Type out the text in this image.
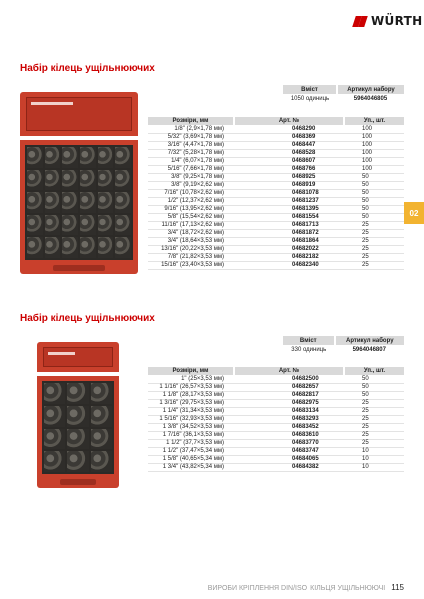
WÜRTH
Набір кілець ущільнюючих
Вміст	Артикул набору
1050 одиниць	5964046805
Розміри, мм	Арт. №	Уп., шт.
1/8" (2,9×1,78 мм)	0468290	100
5/32" (3,69×1,78 мм)	0468369	100
3/16" (4,47×1,78 мм)	0468447	100
7/32" (5,28×1,78 мм)	0468528	100
1/4" (6,07×1,78 мм)	0468607	100
5/16" (7,66×1,78 мм)	0468766	100
3/8" (9,25×1,78 мм)	0468925	50
3/8" (9,19×2,62 мм)	0468919	50
7/16" (10,78×2,62 мм)	04681078	50
1/2" (12,37×2,62 мм)	04681237	50
9/16" (13,95×2,62 мм)	04681395	50
5/8" (15,54×2,62 мм)	04681554	50
11/16" (17,13×2,62 мм)	04681713	25
3/4" (18,72×2,62 мм)	04681872	25
3/4" (18,64×3,53 мм)	04681864	25
13/16" (20,22×3,53 мм)	04682022	25
7/8" (21,82×3,53 мм)	04682182	25
15/16" (23,40×3,53 мм)	04682340	25
Набір кілець ущільнюючих
Вміст	Артикул набору
330 одиниць	5964046807
Розміри, мм	Арт. №	Уп., шт.
1" (25×3,53 мм)	04682500	50
1 1/16" (26,57×3,53 мм)	04682657	50
1 1/8" (28,17×3,53 мм)	04682817	50
1 3/16" (29,75×3,53 мм)	04682975	25
1 1/4" (31,34×3,53 мм)	04683134	25
1 5/16" (32,93×3,53 мм)	04683293	25
1 3/8" (34,52×3,53 мм)	04683452	25
1 7/16" (36,1×3,53 мм)	04683610	25
1 1/2" (37,7×3,53 мм)	04683770	25
1 1/2" (37,47×5,34 мм)	04683747	10
1 5/8" (40,65×5,34 мм)	04684065	10
1 3/4" (43,82×5,34 мм)	04684382	10
02
ВИРОБИ КРІПЛЕННЯ DIN/ISO КІЛЬЦЯ УЩІЛЬНЮЮЧІ 115
